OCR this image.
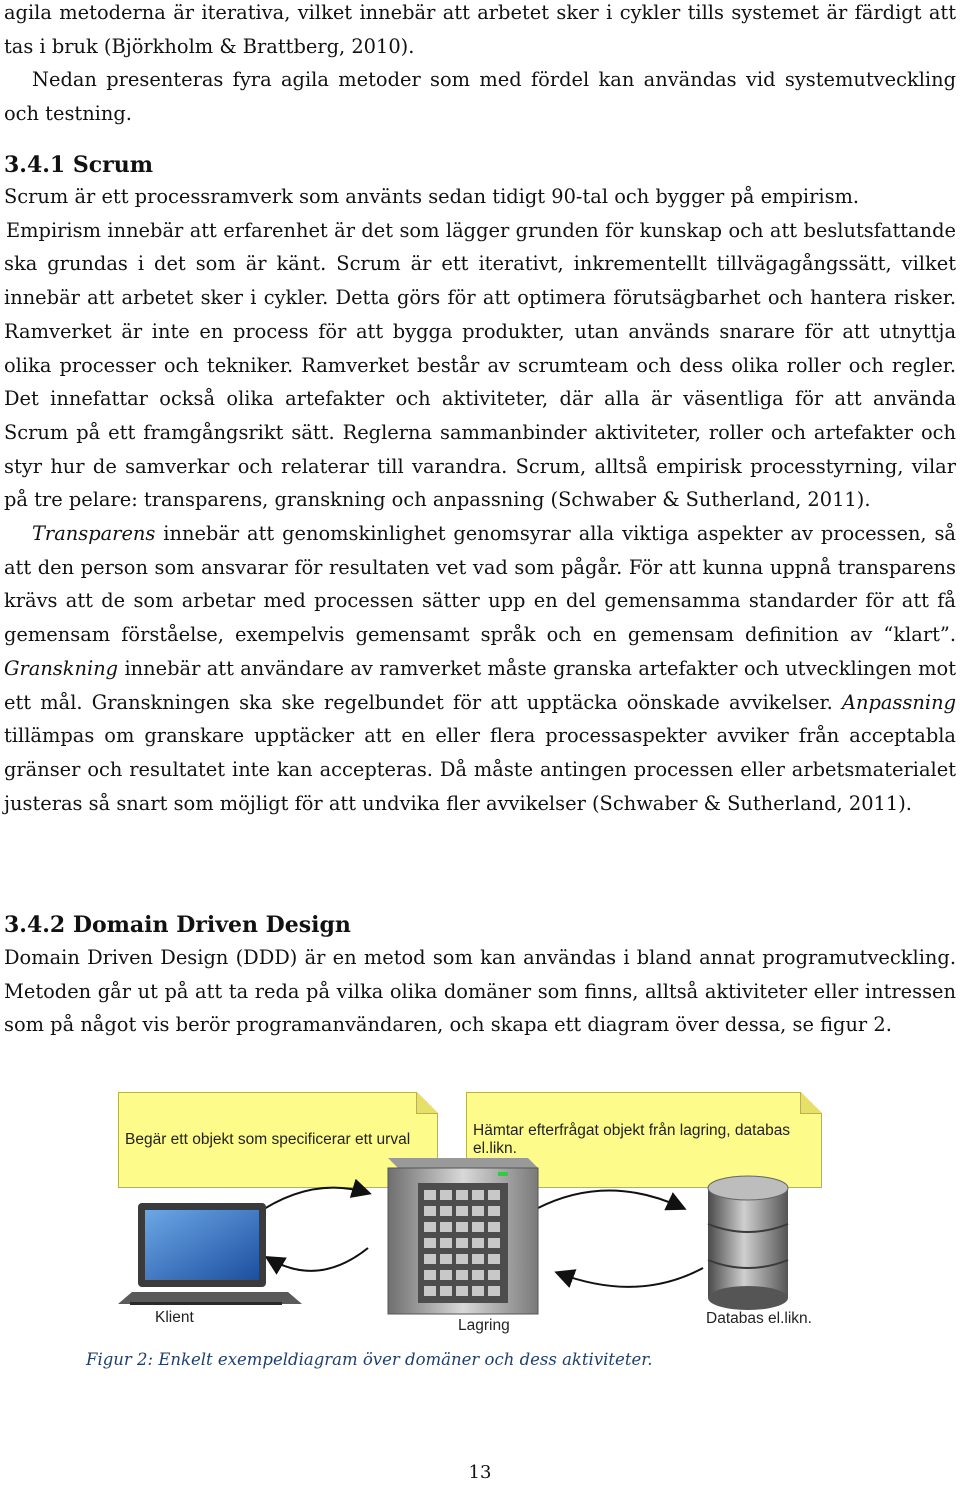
agila metoderna är iterativa, vilket innebär att arbetet sker i cykler tills systemet är färdigt att tas i bruk (Björkholm & Brattberg, 2010).

Nedan presenteras fyra agila metoder som med fördel kan användas vid systemutveckling och testning.

3.4.1 Scrum

Scrum är ett processramverk som använts sedan tidigt 90-tal och bygger på empirism.

Empirism innebär att erfarenhet är det som lägger grunden för kunskap och att beslutsfattande ska grundas i det som är känt. Scrum är ett iterativt, inkrementellt tillvägagångssätt, vilket innebär att arbetet sker i cykler. Detta görs för att optimera förutsägbarhet och hantera risker. Ramverket är inte en process för att bygga produkter, utan används snarare för att utnyttja olika processer och tekniker. Ramverket består av scrumteam och dess olika roller och regler. Det innefattar också olika artefakter och aktiviteter, där alla är väsentliga för att använda Scrum på ett framgångsrikt sätt. Reglerna sammanbinder aktiviteter, roller och artefakter och styr hur de samverkar och relaterar till varandra. Scrum, alltså empirisk processtyrning, vilar på tre pelare: transparens, granskning och anpassning (Schwaber & Sutherland, 2011).

Transparens innebär att genomskinlighet genomsyrar alla viktiga aspekter av processen, så att den person som ansvarar för resultaten vet vad som pågår. För att kunna uppnå transparens krävs att de som arbetar med processen sätter upp en del gemensamma standarder för att få gemensam förståelse, exempelvis gemensamt språk och en gemensam definition av “klart”. Granskning innebär att användare av ramverket måste granska artefakter och utvecklingen mot ett mål. Granskningen ska ske regelbundet för att upptäcka oönskade avvikelser. Anpassning tillämpas om granskare upptäcker att en eller flera processaspekter avviker från acceptabla gränser och resultatet inte kan accepteras. Då måste antingen processen eller arbetsmaterialet justeras så snart som möjligt för att undvika fler avvikelser (Schwaber & Sutherland, 2011).

3.4.2 Domain Driven Design

Domain Driven Design (DDD) är en metod som kan användas i bland annat programutveckling. Metoden går ut på att ta reda på vilka olika domäner som finns, alltså aktiviteter eller intressen som på något vis berör programanvändaren, och skapa ett diagram över dessa, se figur 2.

Begär ett objekt som specificerar ett urval
Hämtar efterfrågat objekt från lagring, databas el.likn.
Klient	Lagring	Databas el.likn.
Figur 2: Enkelt exempeldiagram över domäner och dess aktiviteter.
13
